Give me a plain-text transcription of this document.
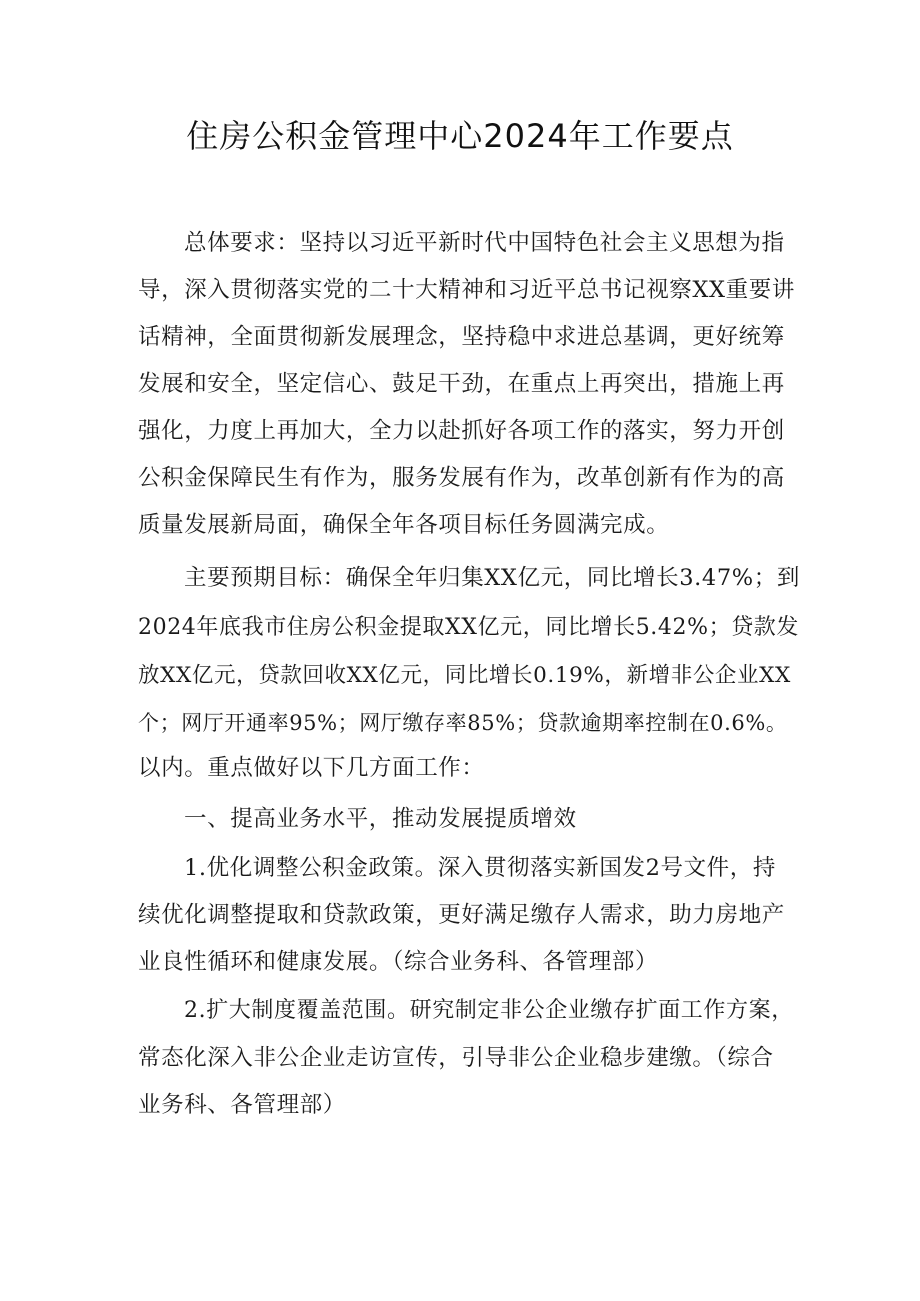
住房公积金管理中心2024年工作要点
总体要求：坚持以习近平新时代中国特色社会主义思想为指
导，深入贯彻落实党的二十大精神和习近平总书记视察XX重要讲
话精神，全面贯彻新发展理念，坚持稳中求进总基调，更好统筹
发展和安全，坚定信心、鼓足干劲，在重点上再突出，措施上再
强化，力度上再加大，全力以赴抓好各项工作的落实，努力开创
公积金保障民生有作为，服务发展有作为，改革创新有作为的高
质量发展新局面，确保全年各项目标任务圆满完成。
主要预期目标：确保全年归集XX亿元，同比增长3.47%；到
2024年底我市住房公积金提取XX亿元，同比增长5.42%；贷款发
放XX亿元，贷款回收XX亿元，同比增长0.19%，新增非公企业XX
个；网厅开通率95%；网厅缴存率85%；贷款逾期率控制在0.6%。
以内。重点做好以下几方面工作：
一、提高业务水平，推动发展提质增效
1.优化调整公积金政策。深入贯彻落实新国发2号文件，持
续优化调整提取和贷款政策，更好满足缴存人需求，助力房地产
业良性循环和健康发展。（综合业务科、各管理部）
2.扩大制度覆盖范围。研究制定非公企业缴存扩面工作方案，
常态化深入非公企业走访宣传，引导非公企业稳步建缴。（综合
业务科、各管理部）
